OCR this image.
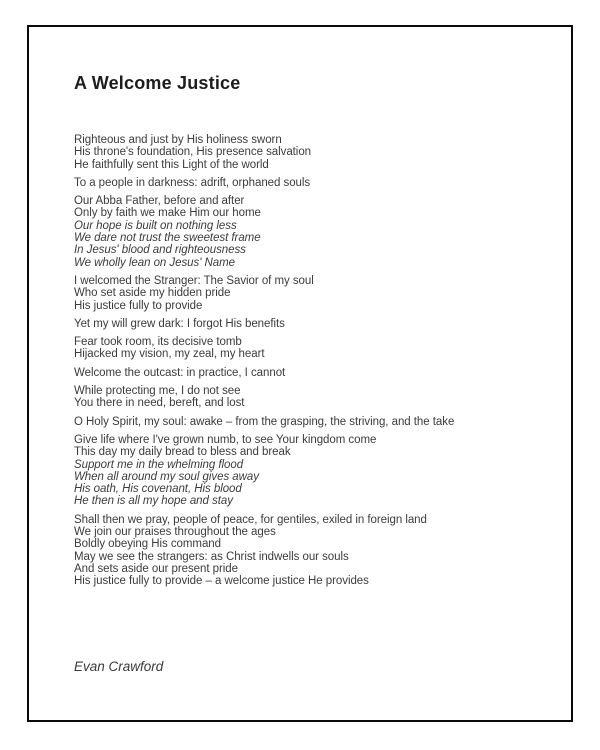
A Welcome Justice

Righteous and just by His holiness sworn
His throne's foundation, His presence salvation
He faithfully sent this Light of the world

To a people in darkness: adrift, orphaned souls

Our Abba Father, before and after
Only by faith we make Him our home

Our hope is built on nothing less
We dare not trust the sweetest frame
In Jesus' blood and righteousness
We wholly lean on Jesus' Name

I welcomed the Stranger: The Savior of my soul
Who set aside my hidden pride
His justice fully to provide

Yet my will grew dark: I forgot His benefits

Fear took room, its decisive tomb
Hijacked my vision, my zeal, my heart

Welcome the outcast: in practice, I cannot

While protecting me, I do not see
You there in need, bereft, and lost

O Holy Spirit, my soul: awake – from the grasping, the striving, and the take

Give life where I've grown numb, to see Your kingdom come
This day my daily bread to bless and break

Support me in the whelming flood
When all around my soul gives away
His oath, His covenant, His blood
He then is all my hope and stay

Shall then we pray, people of peace, for gentiles, exiled in foreign land
We join our praises throughout the ages
Boldly obeying His command
May we see the strangers: as Christ indwells our souls
And sets aside our present pride
His justice fully to provide – a welcome justice He provides

Evan Crawford
